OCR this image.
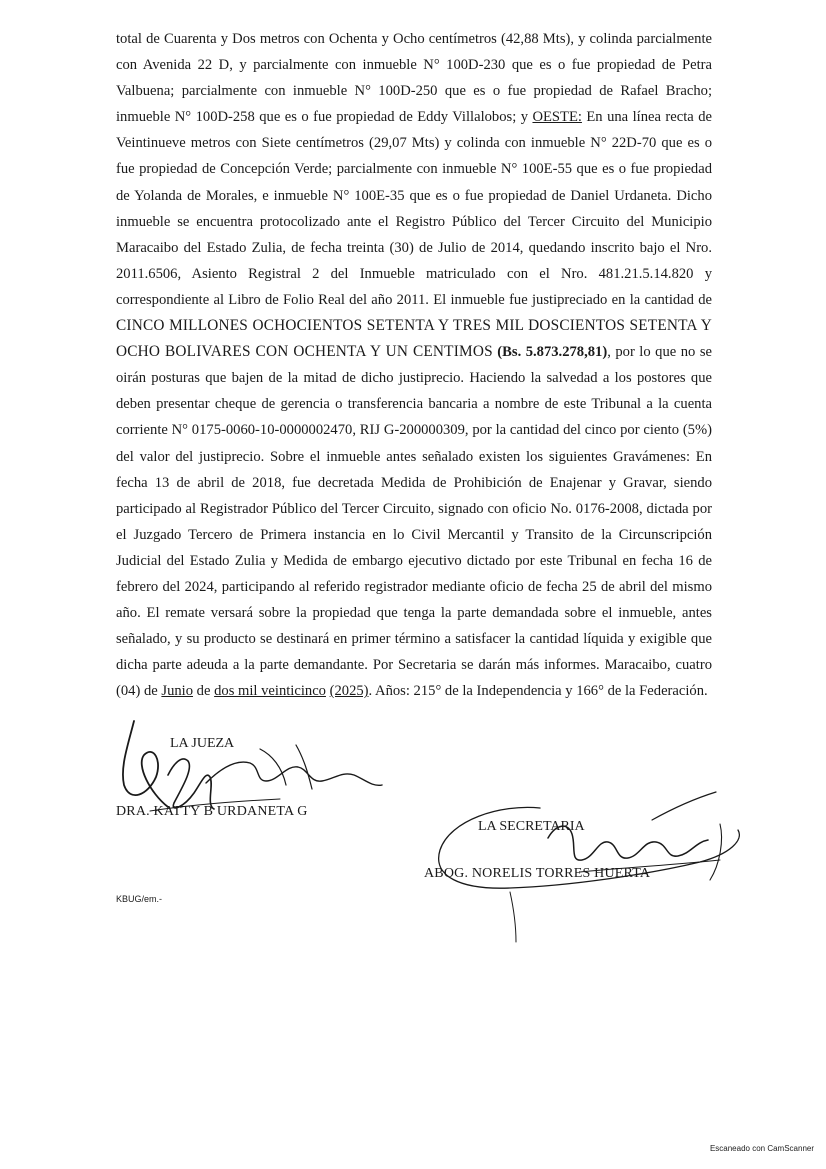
total de Cuarenta y Dos metros con Ochenta y Ocho centímetros (42,88 Mts), y colinda parcialmente con Avenida 22 D, y parcialmente con inmueble N° 100D-230 que es o fue propiedad de Petra Valbuena; parcialmente con inmueble N° 100D-250 que es o fue propiedad de Rafael Bracho; inmueble N° 100D-258 que es o fue propiedad de Eddy Villalobos; y OESTE: En una línea recta de Veintinueve metros con Siete centímetros (29,07 Mts) y colinda con inmueble N° 22D-70 que es o fue propiedad de Concepción Verde; parcialmente con inmueble N° 100E-55 que es o fue propiedad de Yolanda de Morales, e inmueble N° 100E-35 que es o fue propiedad de Daniel Urdaneta. Dicho inmueble se encuentra protocolizado ante el Registro Público del Tercer Circuito del Municipio Maracaibo del Estado Zulia, de fecha treinta (30) de Julio de 2014, quedando inscrito bajo el Nro. 2011.6506, Asiento Registral 2 del Inmueble matriculado con el Nro. 481.21.5.14.820 y correspondiente al Libro de Folio Real del año 2011. El inmueble fue justipreciado en la cantidad de CINCO MILLONES OCHOCIENTOS SETENTA Y TRES MIL DOSCIENTOS SETENTA Y OCHO BOLIVARES CON OCHENTA Y UN CENTIMOS (Bs. 5.873.278,81), por lo que no se oirán posturas que bajen de la mitad de dicho justiprecio. Haciendo la salvedad a los postores que deben presentar cheque de gerencia o transferencia bancaria a nombre de este Tribunal a la cuenta corriente N° 0175-0060-10-0000002470, RIJ G-200000309, por la cantidad del cinco por ciento (5%) del valor del justiprecio. Sobre el inmueble antes señalado existen los siguientes Gravámenes: En fecha 13 de abril de 2018, fue decretada Medida de Prohibición de Enajenar y Gravar, siendo participado al Registrador Público del Tercer Circuito, signado con oficio No. 0176-2008, dictada por el Juzgado Tercero de Primera instancia en lo Civil Mercantil y Transito de la Circunscripción Judicial del Estado Zulia y Medida de embargo ejecutivo dictado por este Tribunal en fecha 16 de febrero del 2024, participando al referido registrador mediante oficio de fecha 25 de abril del mismo año. El remate versará sobre la propiedad que tenga la parte demandada sobre el inmueble, antes señalado, y su producto se destinará en primer término a satisfacer la cantidad líquida y exigible que dicha parte adeuda a la parte demandante. Por Secretaria se darán más informes. Maracaibo, cuatro (04) de Junio de dos mil veinticinco (2025). Años: 215° de la Independencia y 166° de la Federación.

LA JUEZA
DRA. KATTY B URDANETA G
LA SECRETARIA
ABOG. NORELIS TORRES HUERTA
KBUG/em.-
Escaneado con CamScanner
